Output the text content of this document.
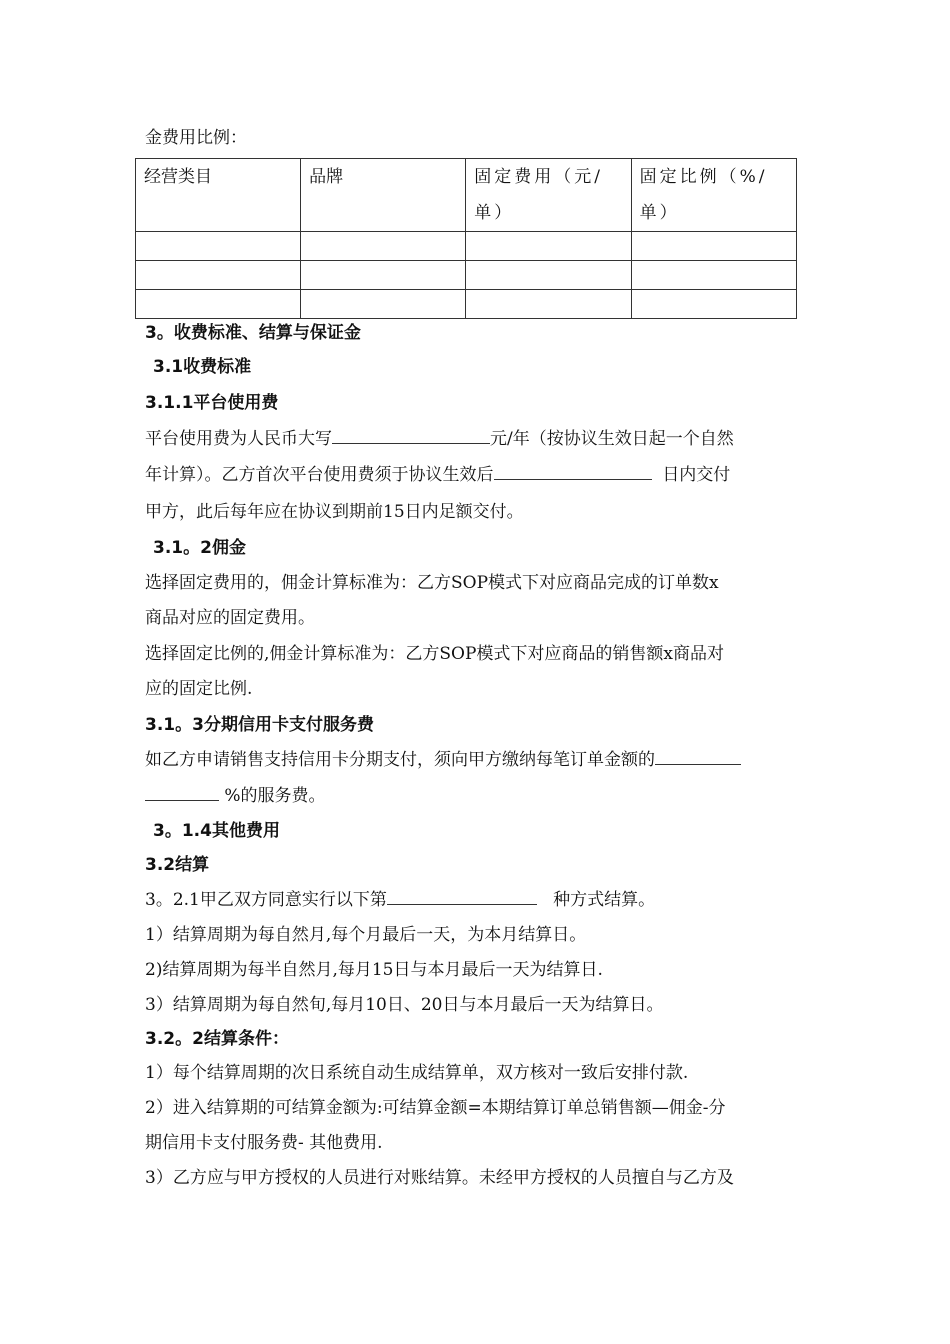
金费用比例：
经营类目	品牌	固定费用（元/单）	固定比例（%/单）

3。收费标准、结算与保证金
3.1收费标准
3.1.1平台使用费
平台使用费为人民币大写	元/年（按协议生效日起一个自然
年计算）。乙方首次平台使用费须于协议生效后	日内交付
甲方，此后每年应在协议到期前15日内足额交付。
3.1。2佣金
选择固定费用的，佣金计算标准为：乙方SOP模式下对应商品完成的订单数x
商品对应的固定费用。
选择固定比例的,佣金计算标准为：乙方SOP模式下对应商品的销售额x商品对
应的固定比例.
3.1。3分期信用卡支付服务费
如乙方申请销售支持信用卡分期支付，须向甲方缴纳每笔订单金额的
%的服务费。
3。1.4其他费用
3.2结算
3。2.1甲乙双方同意实行以下第	种方式结算。
1）结算周期为每自然月,每个月最后一天，为本月结算日。
2)结算周期为每半自然月,每月15日与本月最后一天为结算日.
3）结算周期为每自然旬,每月10日、20日与本月最后一天为结算日。
3.2。2结算条件：
1）每个结算周期的次日系统自动生成结算单，双方核对一致后安排付款.
2）进入结算期的可结算金额为:可结算金额=本期结算订单总销售额—佣金-分
期信用卡支付服务费- 其他费用.
3）乙方应与甲方授权的人员进行对账结算。未经甲方授权的人员擅自与乙方及
